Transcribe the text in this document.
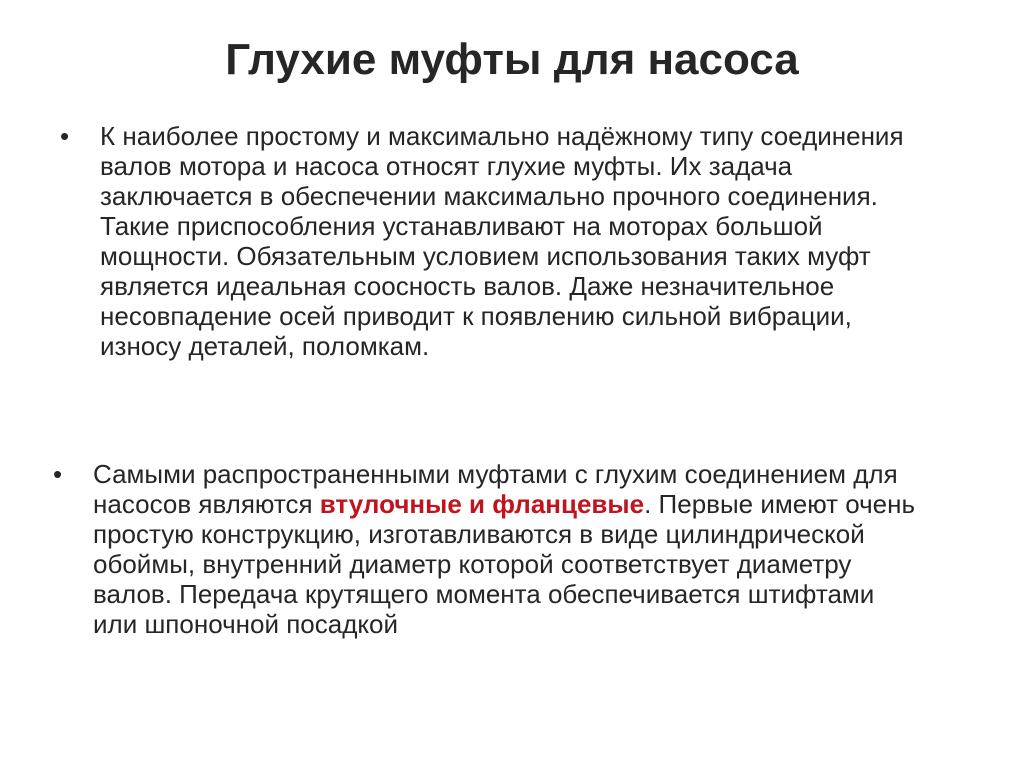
Глухие муфты для насоса
• К наиболее простому и максимально надёжному типу соединения валов мотора и насоса относят глухие муфты. Их задача заключается в обеспечении максимально прочного соединения. Такие приспособления устанавливают на моторах большой мощности. Обязательным условием использования таких муфт является идеальная соосность валов. Даже незначительное несовпадение осей приводит к появлению сильной вибрации, износу деталей, поломкам.
• Самыми распространенными муфтами с глухим соединением для насосов являются втулочные и фланцевые. Первые имеют очень простую конструкцию, изготавливаются в виде цилиндрической обоймы, внутренний диаметр которой соответствует диаметру валов. Передача крутящего момента обеспечивается штифтами или шпоночной посадкой
